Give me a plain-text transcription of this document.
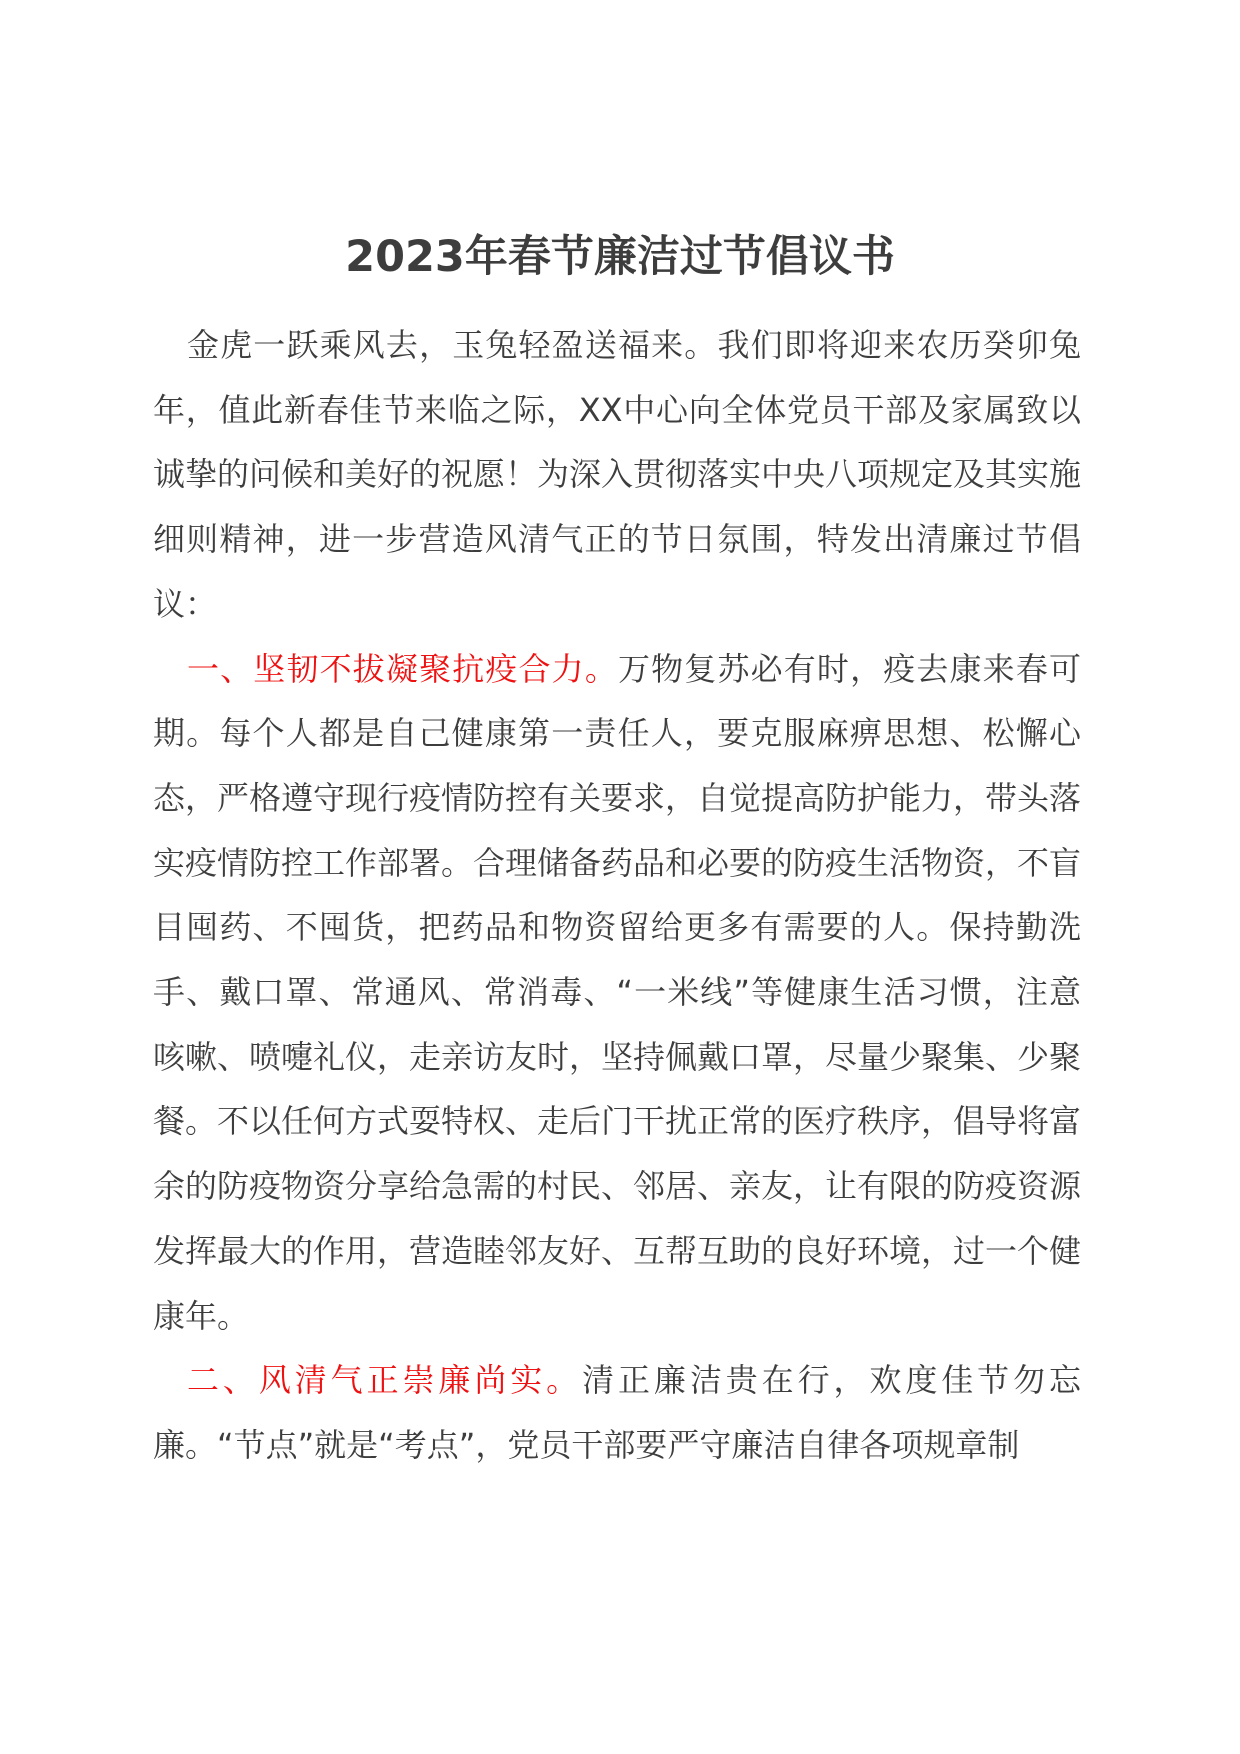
2023年春节廉洁过节倡议书

金虎一跃乘风去，玉兔轻盈送福来。我们即将迎来农历癸卯兔年，值此新春佳节来临之际，XX中心向全体党员干部及家属致以诚挚的问候和美好的祝愿！为深入贯彻落实中央八项规定及其实施细则精神，进一步营造风清气正的节日氛围，特发出清廉过节倡议：

一、坚韧不拔凝聚抗疫合力。万物复苏必有时，疫去康来春可期。每个人都是自己健康第一责任人，要克服麻痹思想、松懈心态，严格遵守现行疫情防控有关要求，自觉提高防护能力，带头落实疫情防控工作部署。合理储备药品和必要的防疫生活物资，不盲目囤药、不囤货，把药品和物资留给更多有需要的人。保持勤洗手、戴口罩、常通风、常消毒、“一米线”等健康生活习惯，注意咳嗽、喷嚏礼仪，走亲访友时，坚持佩戴口罩，尽量少聚集、少聚餐。不以任何方式耍特权、走后门干扰正常的医疗秩序，倡导将富余的防疫物资分享给急需的村民、邻居、亲友，让有限的防疫资源发挥最大的作用，营造睦邻友好、互帮互助的良好环境，过一个健康年。

二、风清气正崇廉尚实。清正廉洁贵在行，欢度佳节勿忘廉。“节点”就是“考点”，党员干部要严守廉洁自律各项规章制
